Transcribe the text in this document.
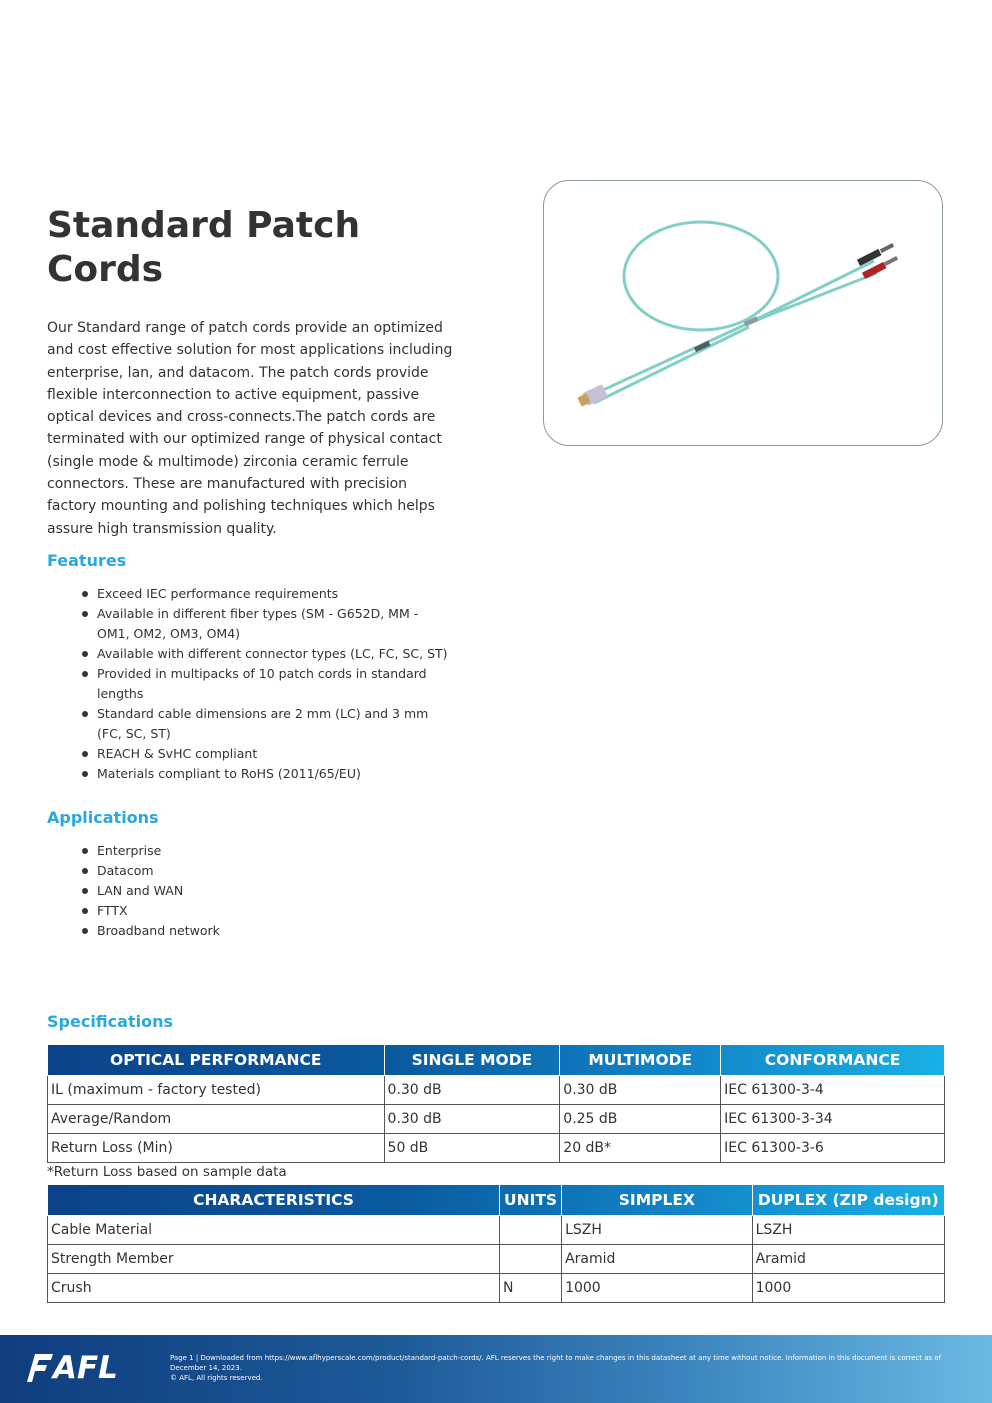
Standard Patch Cords

Our Standard range of patch cords provide an optimized and cost effective solution for most applications including enterprise, lan, and datacom. The patch cords provide flexible interconnection to active equipment, passive optical devices and cross-connects.The patch cords are terminated with our optimized range of physical contact (single mode & multimode) zirconia ceramic ferrule connectors. These are manufactured with precision factory mounting and polishing techniques which helps assure high transmission quality.

Features
Exceed IEC performance requirements
Available in different fiber types (SM - G652D, MM - OM1, OM2, OM3, OM4)
Available with different connector types (LC, FC, SC, ST)
Provided in multipacks of 10 patch cords in standard lengths
Standard cable dimensions are 2 mm (LC) and 3 mm (FC, SC, ST)
REACH & SvHC compliant
Materials compliant to RoHS (2011/65/EU)
Applications
Enterprise
Datacom
LAN and WAN
FTTX
Broadband network
Specifications
OPTICAL PERFORMANCE	SINGLE MODE	MULTIMODE	CONFORMANCE
IL (maximum - factory tested)	0.30 dB	0.30 dB	IEC 61300-3-4
Average/Random	0.30 dB	0.25 dB	IEC 61300-3-34
Return Loss (Min)	50 dB	20 dB*	IEC 61300-3-6
*Return Loss based on sample data
CHARACTERISTICS	UNITS	SIMPLEX	DUPLEX (ZIP design)
Cable Material		LSZH	LSZH
Strength Member		Aramid	Aramid
Crush	N	1000	1000
AFL	Page 1 | Downloaded from https://www.aflhyperscale.com/product/standard-patch-cords/. AFL reserves the right to make changes in this datasheet at any time without notice. Information in this document is correct as of December 14, 2023.
© AFL, All rights reserved.
